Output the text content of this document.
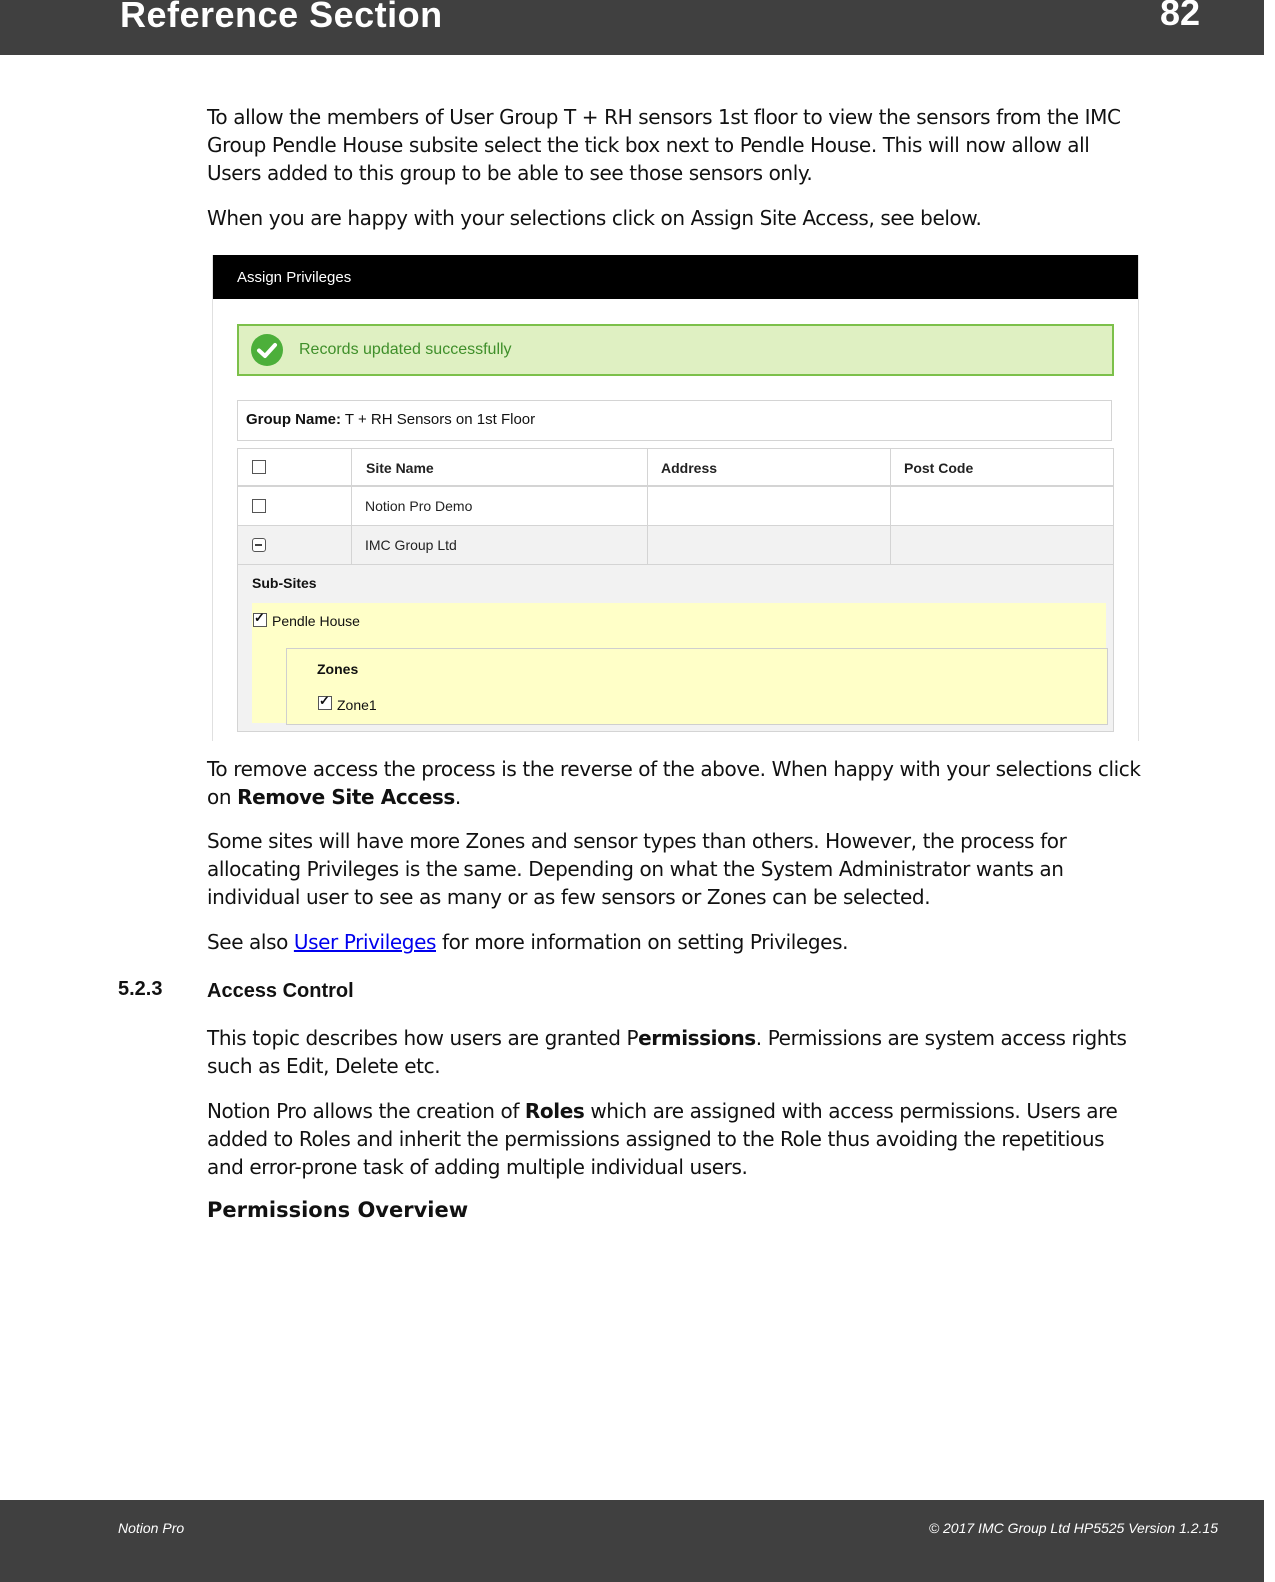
Reference Section	82

To allow the members of User Group T + RH sensors 1st floor to view the sensors from the IMC Group Pendle House subsite select the tick box next to Pendle House. This will now allow all Users added to this group to be able to see those sensors only.

When you are happy with your selections click on Assign Site Access, see below.

Assign Privileges
Records updated successfully
Group Name: T + RH Sensors on 1st Floor
Site Name	Address	Post Code
Notion Pro Demo
IMC Group Ltd
Sub-Sites
✓
Pendle House
Zones
✓
Zone1

To remove access the process is the reverse of the above. When happy with your selections click on Remove Site Access.

Some sites will have more Zones and sensor types than others. However, the process for allocating Privileges is the same. Depending on what the System Administrator wants an individual user to see as many or as few sensors or Zones can be selected.

See also User Privileges for more information on setting Privileges.

5.2.3 Access Control

This topic describes how users are granted Permissions. Permissions are system access rights such as Edit, Delete etc.

Notion Pro allows the creation of Roles which are assigned with access permissions. Users are added to Roles and inherit the permissions assigned to the Role thus avoiding the repetitious and error-prone task of adding multiple individual users.

Permissions Overview
Notion Pro	© 2017 IMC Group Ltd HP5525 Version 1.2.15
